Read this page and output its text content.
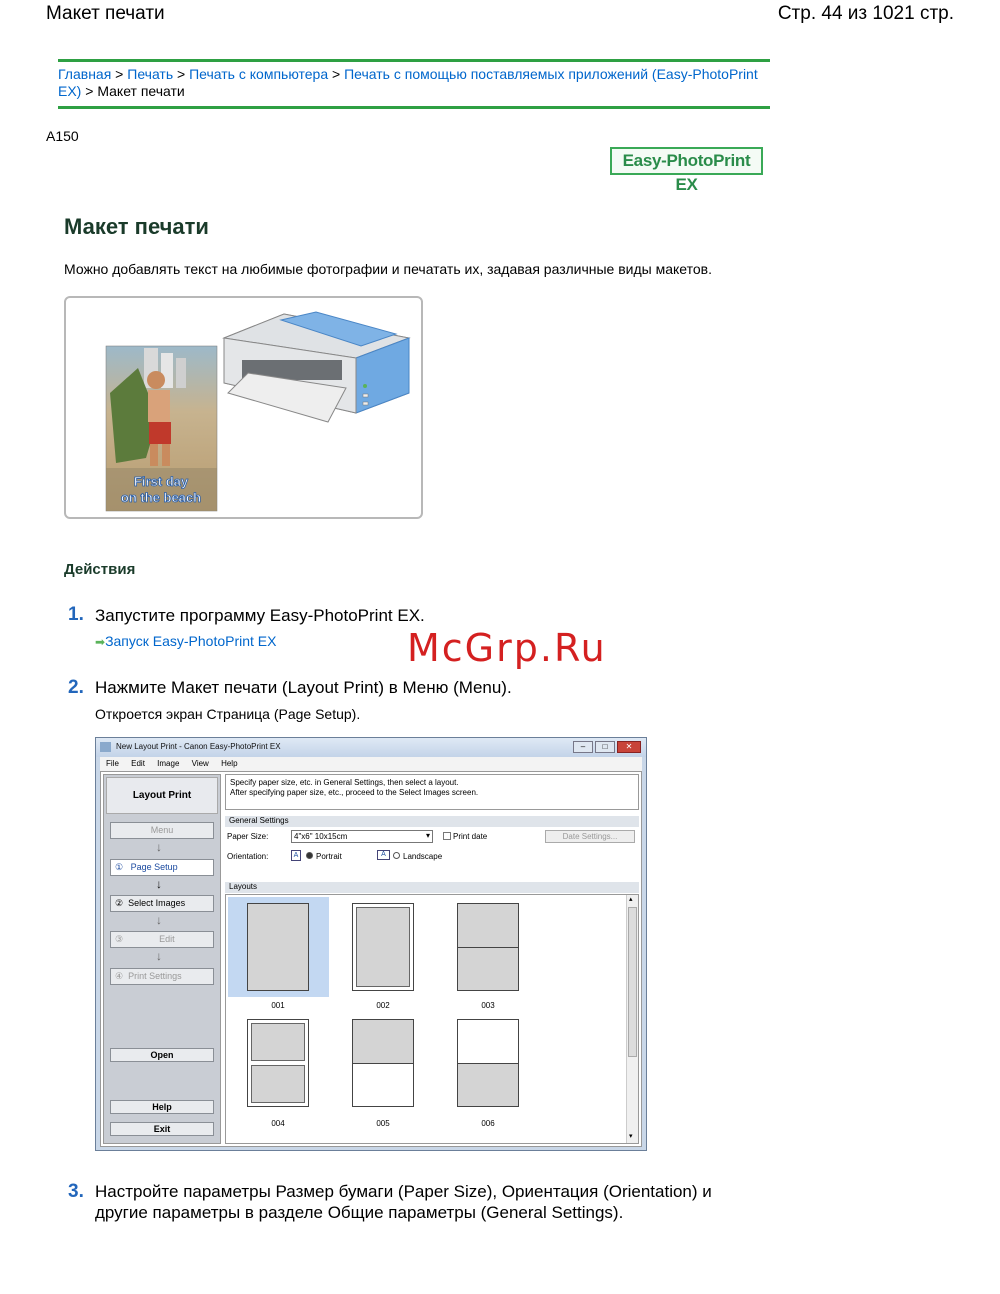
Макет печати	Стр. 44 из 1021 стр.
Главная > Печать > Печать с компьютера > Печать с помощью поставляемых приложений (Easy-PhotoPrint EX) > Макет печати
A150
Easy-PhotoPrint EX
Макет печати
Можно добавлять текст на любимые фотографии и печатать их, задавая различные виды макетов.
First day
on the beach
Действия
1. Запустите программу Easy-PhotoPrint EX.
➡Запуск Easy-PhotoPrint EX	McGrp.Ru
2. Нажмите Макет печати (Layout Print) в Меню (Menu).
Откроется экран Страница (Page Setup).
New Layout Print - Canon Easy-PhotoPrint EX	–	□	✕
File Edit Image View Help
Layout Print
Menu
↓
① Page Setup
↓
② Select Images
↓
③	Edit
↓
④ Print Settings
Open
Help
Exit
Specify paper size, etc. in General Settings, then select a layout.
After specifying paper size, etc., proceed to the Select Images screen.
General Settings
Paper Size:	4"x6" 10x15cm	▾	Print date	Date Settings...
Orientation:	A	Portrait	A	Landscape
Layouts
001	002	003
004	005	006
▴
▾
3. Настройте параметры Размер бумаги (Paper Size), Ориентация (Orientation) и
другие параметры в разделе Общие параметры (General Settings).
